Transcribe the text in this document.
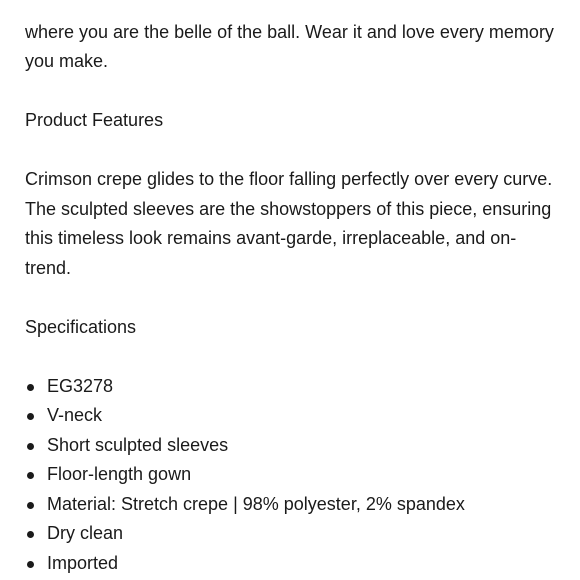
where you are the belle of the ball. Wear it and love every memory you make.

Product Features

Crimson crepe glides to the floor falling perfectly over every curve. The sculpted sleeves are the showstoppers of this piece, ensuring this timeless look remains avant-garde, irreplaceable, and on-trend.

Specifications

EG3278
V-neck
Short sculpted sleeves
Floor-length gown
Material: Stretch crepe | 98% polyester, 2% spandex
Dry clean
Imported
